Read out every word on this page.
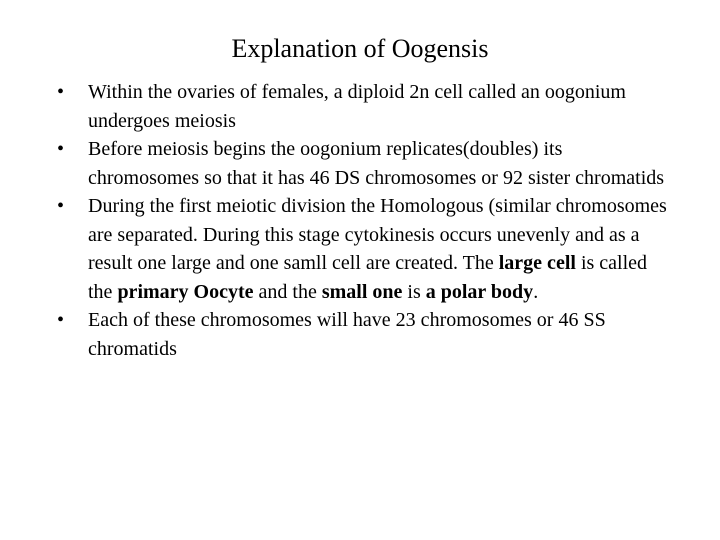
Explanation of Oogensis
•	Within the ovaries of females, a diploid 2n cell called an oogonium undergoes meiosis
•	Before meiosis begins the oogonium replicates(doubles) its chromosomes so that it has 46 DS chromosomes or 92 sister chromatids
•	During the first meiotic division the Homologous (similar chromosomes are separated. During this stage cytokinesis occurs unevenly and as a result one large and one samll cell are created. The large cell is called the primary Oocyte and the small one is a polar body.
•	Each of these chromosomes will have 23 chromosomes or 46 SS chromatids
